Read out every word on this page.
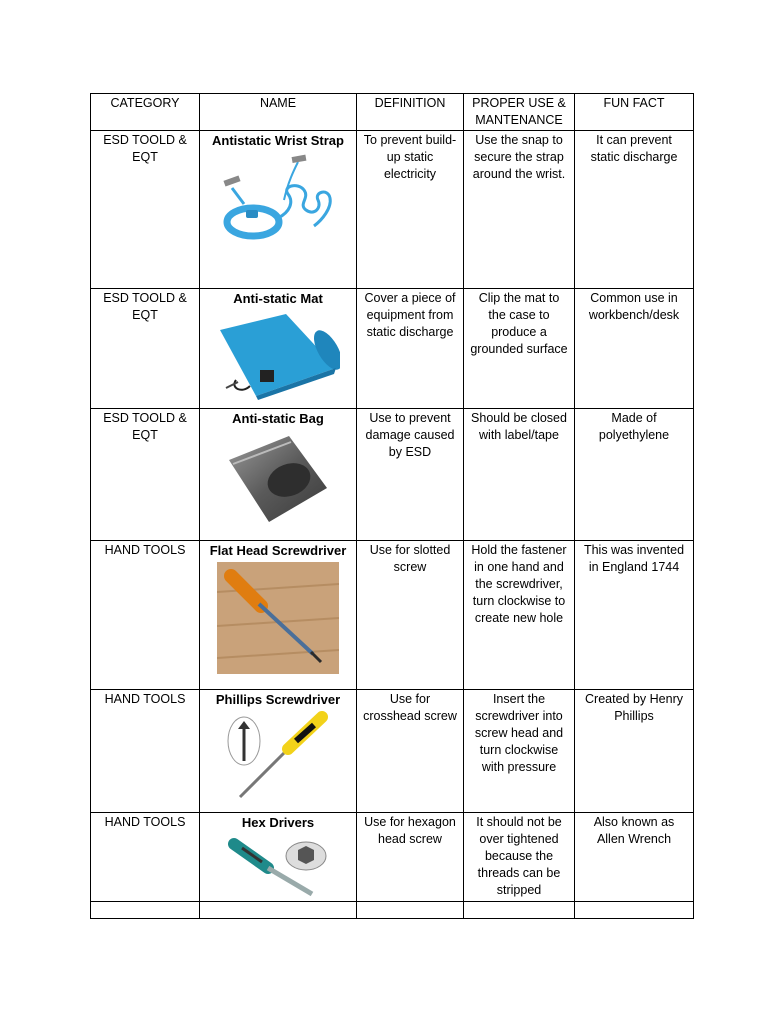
CATEGORY	NAME	DEFINITION	PROPER USE & MANTENANCE	FUN FACT
ESD TOOLD & EQT	Antistatic Wrist Strap	To prevent build-up static electricity	Use the snap to secure the strap around the wrist.	It can prevent static discharge
ESD TOOLD & EQT	Anti-static Mat	Cover a piece of equipment from static discharge	Clip the mat to the case to produce a grounded surface	Common use in workbench/desk
ESD TOOLD & EQT	Anti-static Bag	Use to prevent damage caused by ESD	Should be closed with label/tape	Made of polyethylene
HAND TOOLS	Flat Head Screwdriver	Use for slotted screw	Hold the fastener in one hand and the screwdriver, turn clockwise to create new hole	This was invented in England 1744
HAND TOOLS	Phillips Screwdriver	Use for crosshead screw	Insert the screwdriver into screw head and turn clockwise with pressure	Created by Henry Phillips
HAND TOOLS	Hex Drivers	Use for hexagon head screw	It should not be over tightened because the threads can be stripped	Also known as Allen Wrench
